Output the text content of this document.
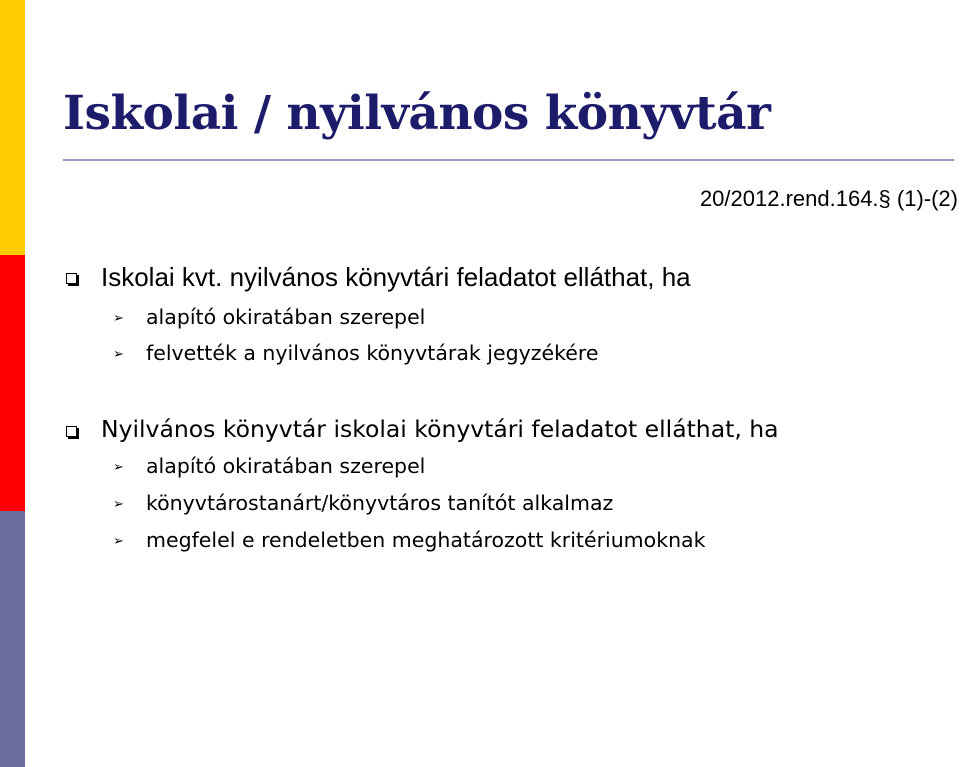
Iskolai / nyilvános könyvtár
20/2012.rend.164.§ (1)-(2)
Iskolai kvt. nyilvános könyvtári feladatot elláthat, ha
➢ alapító okiratában szerepel
➢ felvették a nyilvános könyvtárak jegyzékére
Nyilvános könyvtár iskolai könyvtári feladatot elláthat, ha
➢ alapító okiratában szerepel
➢ könyvtárostanárt/könyvtáros tanítót alkalmaz
➢ megfelel e rendeletben meghatározott kritériumoknak
